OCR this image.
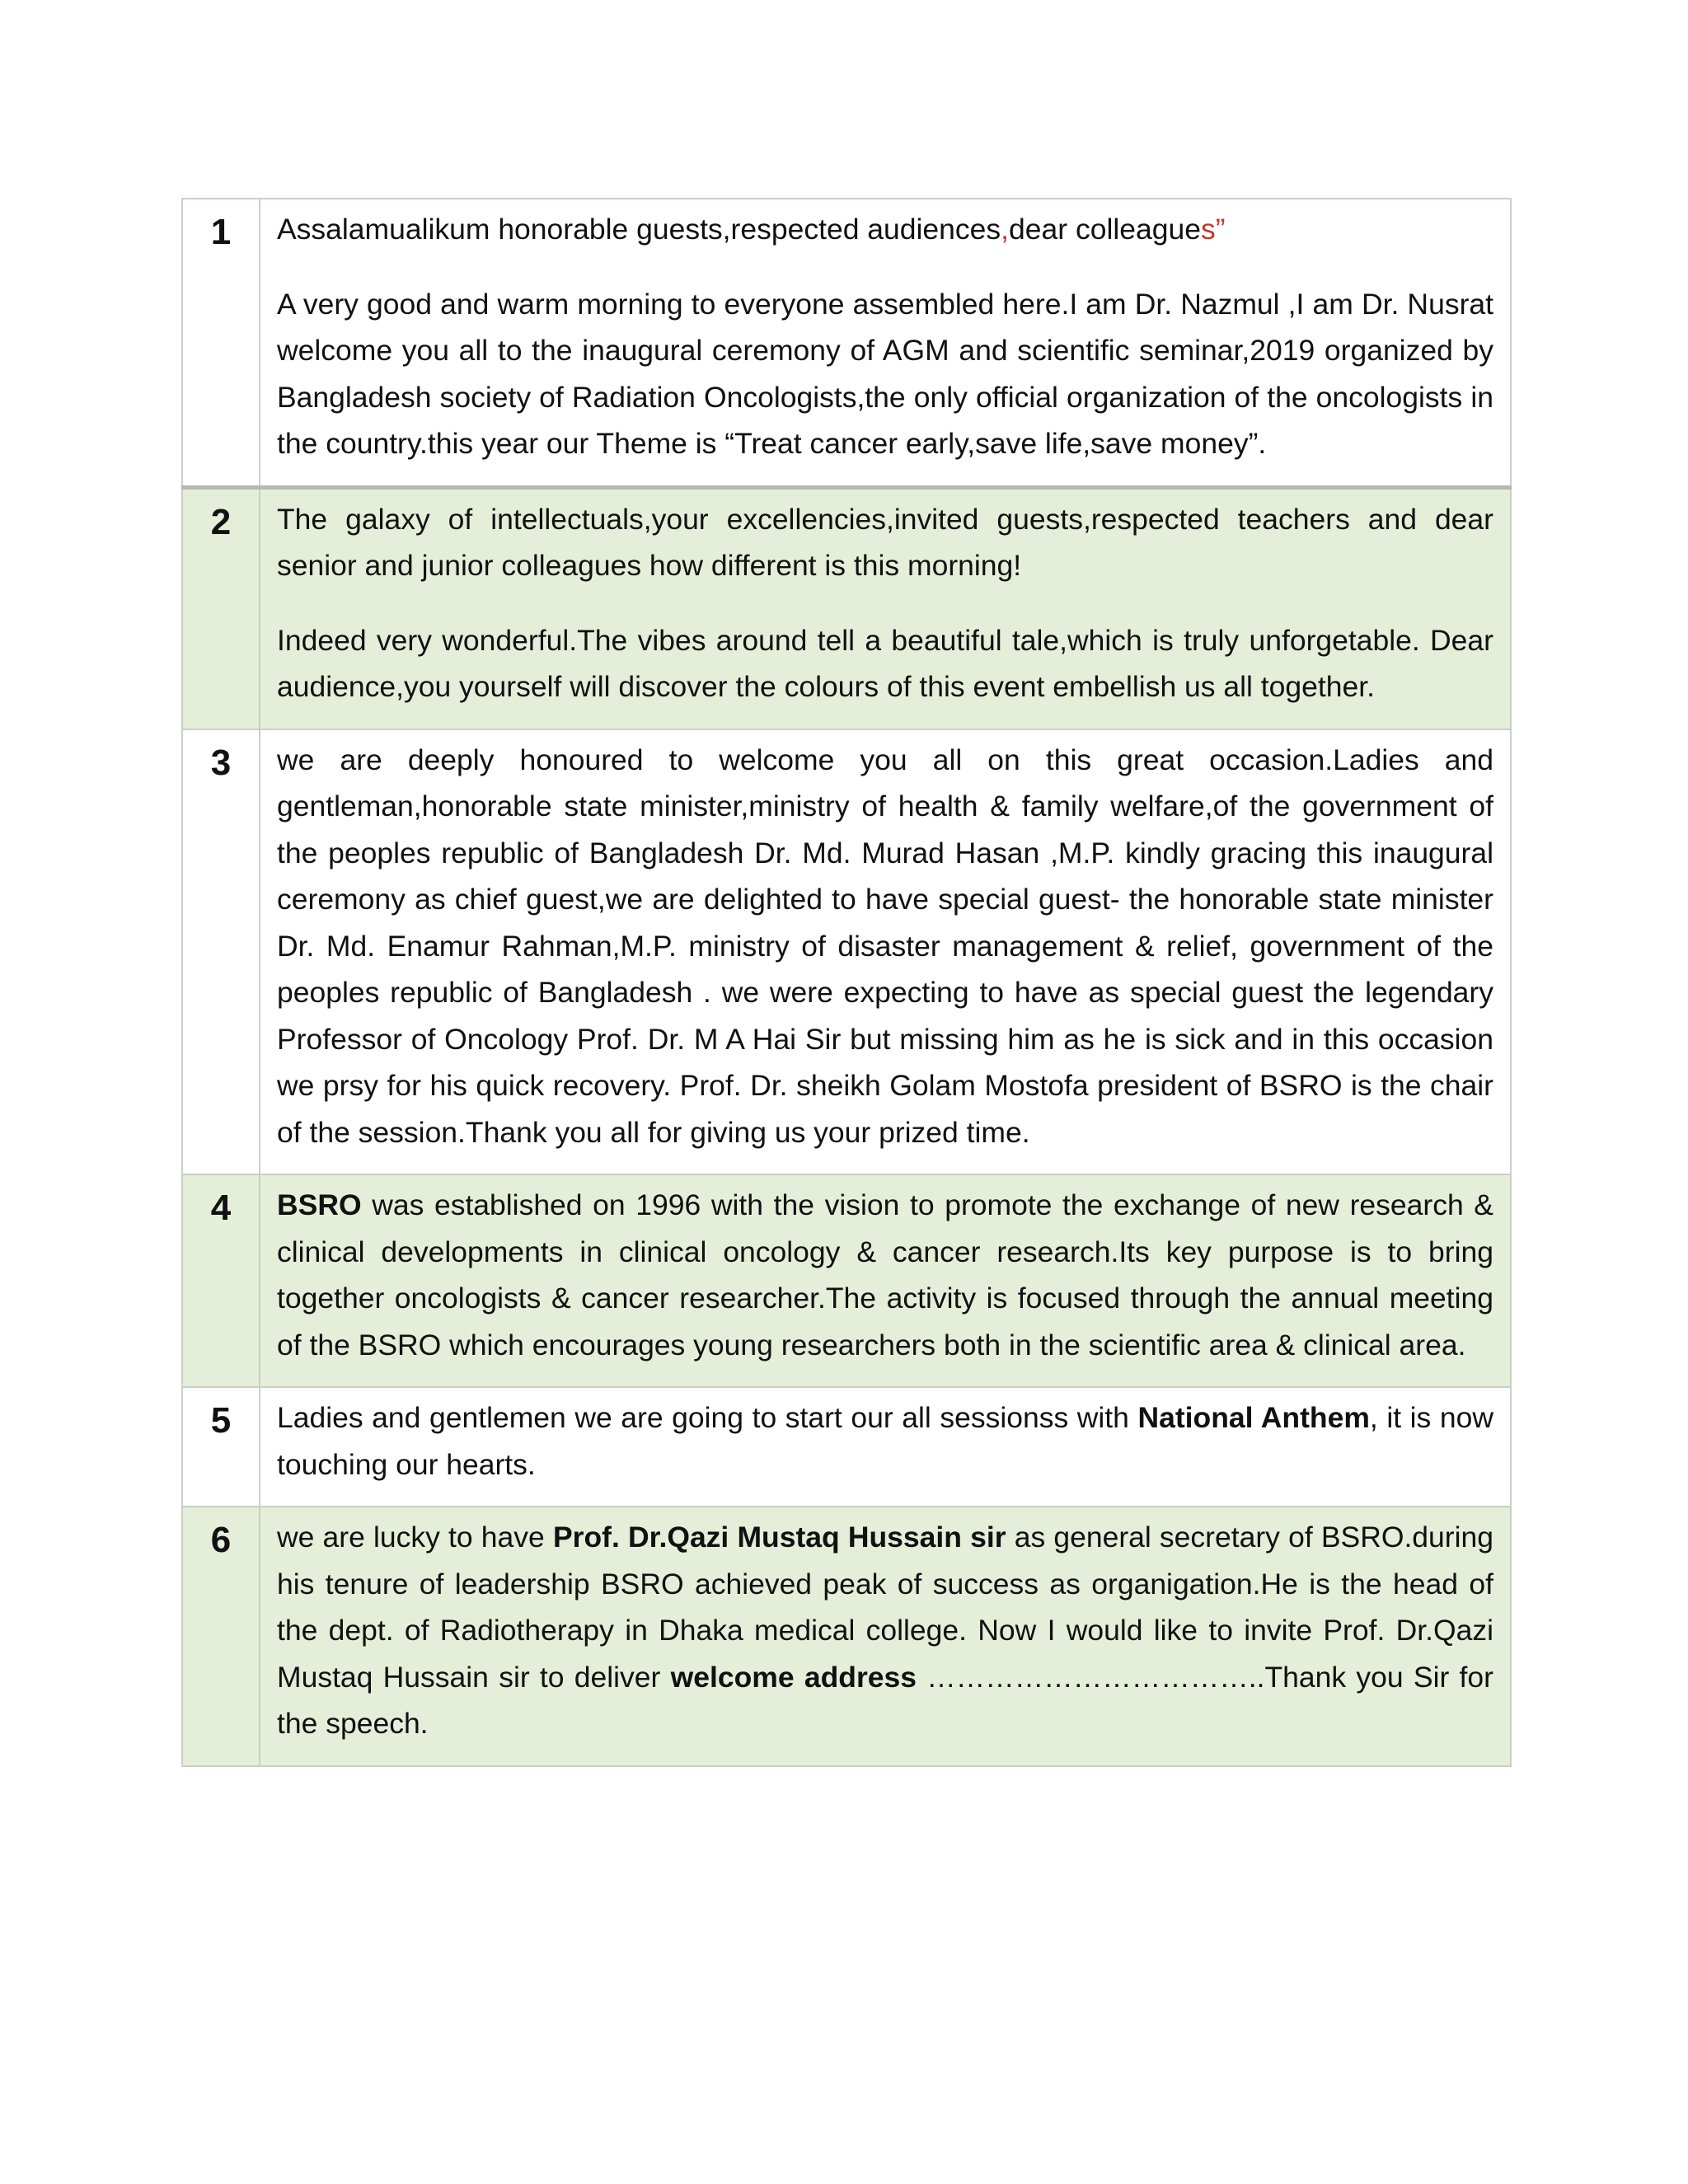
1	Assalamualikum honorable guests,respected audiences,dear colleagues”

A very good and warm morning to everyone assembled here.I am Dr. Nazmul ,I am Dr. Nusrat welcome you all to the inaugural ceremony of AGM and scientific seminar,2019 organized by Bangladesh society of Radiation Oncologists,the only official organization of the oncologists in the country.this year our Theme is “Treat cancer early,save life,save money”.

2	The galaxy of intellectuals,your excellencies,invited guests,respected teachers and dear senior and junior colleagues how different is this morning!

Indeed very wonderful.The vibes around tell a beautiful tale,which is truly unforgetable. Dear audience,you yourself will discover the colours of this event embellish us all together.

3	we are deeply honoured to welcome you all on this great occasion.Ladies and gentleman,honorable state minister,ministry of health & family welfare,of the government of the peoples republic of Bangladesh Dr. Md. Murad Hasan ,M.P. kindly gracing this inaugural ceremony as chief guest,we are delighted to have special guest- the honorable state minister Dr. Md. Enamur Rahman,M.P. ministry of disaster management & relief, government of the peoples republic of Bangladesh . we were expecting to have as special guest the legendary Professor of Oncology Prof. Dr. M A Hai Sir but missing him as he is sick and in this occasion we prsy for his quick recovery. Prof. Dr. sheikh Golam Mostofa president of BSRO is the chair of the session.Thank you all for giving us your prized time.

4	BSRO was established on 1996 with the vision to promote the exchange of new research & clinical developments in clinical oncology & cancer research.Its key purpose is to bring together oncologists & cancer researcher.The activity is focused through the annual meeting of the BSRO which encourages young researchers both in the scientific area & clinical area.

5	Ladies and gentlemen we are going to start our all sessionss with National Anthem, it is now touching our hearts.

6	we are lucky to have Prof. Dr.Qazi Mustaq Hussain sir as general secretary of BSRO.during his tenure of leadership BSRO achieved peak of success as organigation.He is the head of the dept. of Radiotherapy in Dhaka medical college. Now I would like to invite Prof. Dr.Qazi Mustaq Hussain sir to deliver welcome address ……………………………..Thank you Sir for the speech.
